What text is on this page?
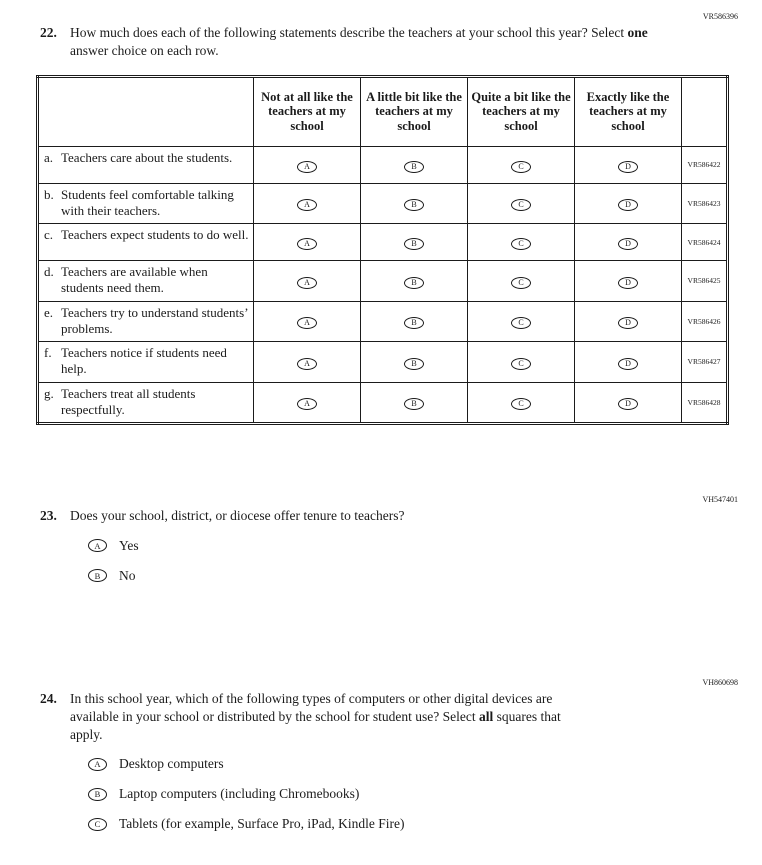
VR586396
22. How much does each of the following statements describe the teachers at your school this year? Select one answer choice on each row.
	Not at all like the teachers at my school	A little bit like the teachers at my school	Quite a bit like the teachers at my school	Exactly like the teachers at my school	

a. Teachers care about the students.	A	B	C	D	VR586422

b. Students feel comfortable talking with their teachers.	A	B	C	D	VR586423

c. Teachers expect students to do well.	A	B	C	D	VR586424

d. Teachers are available when students need them.	A	B	C	D	VR586425

e. Teachers try to understand students’ problems.	A	B	C	D	VR586426

f. Teachers notice if students need help.	A	B	C	D	VR586427

g. Teachers treat all students respectfully.	A	B	C	D	VR586428
VH547401
23. Does your school, district, or diocese offer tenure to teachers?
A	Yes
B	No
VH860698
24. In this school year, which of the following types of computers or other digital devices are available in your school or distributed by the school for student use? Select all squares that apply.
A	Desktop computers
B	Laptop computers (including Chromebooks)
C	Tablets (for example, Surface Pro, iPad, Kindle Fire)
